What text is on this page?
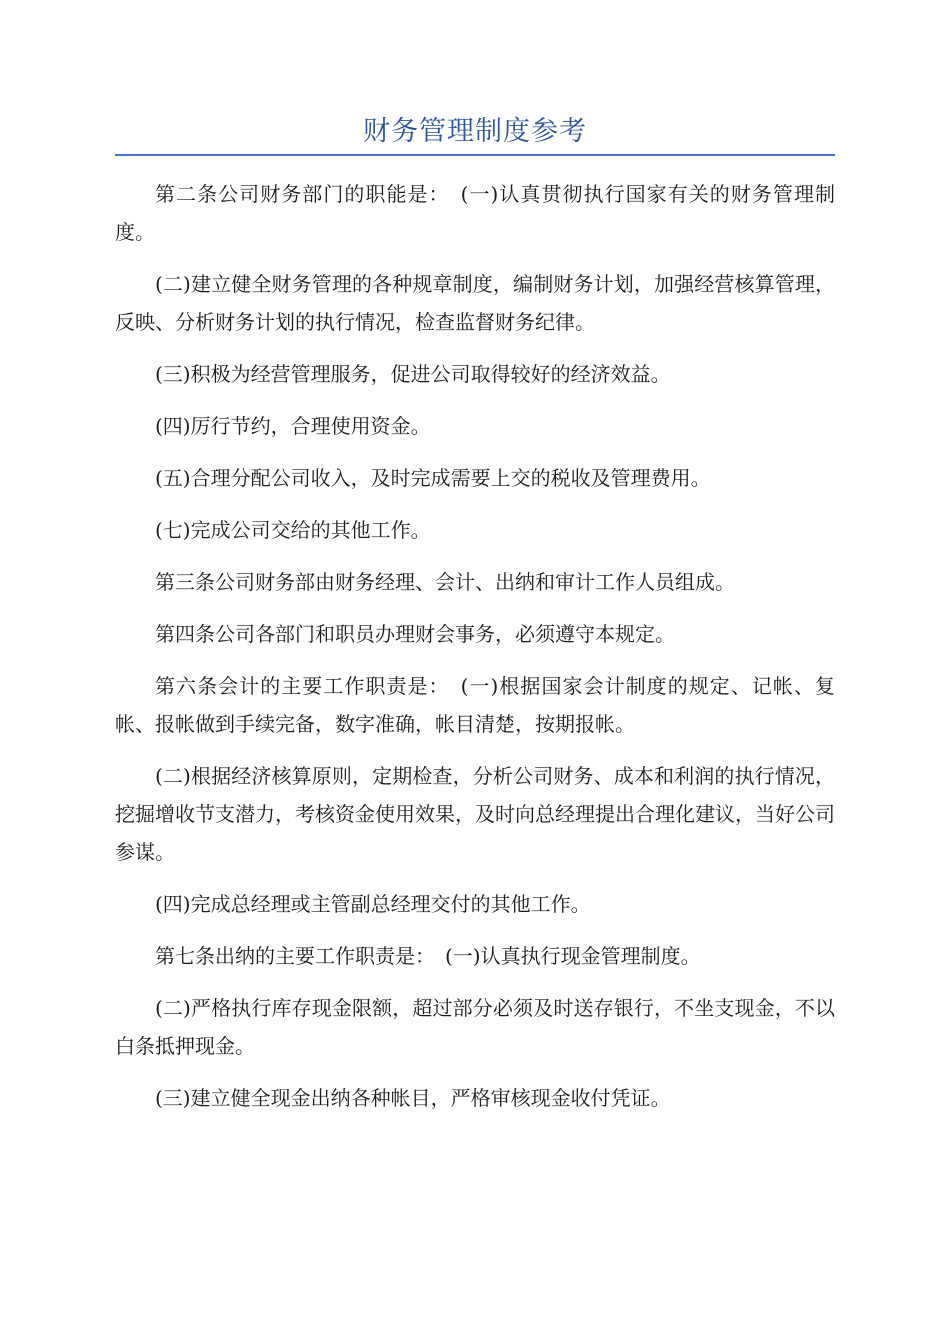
财务管理制度参考

第二条公司财务部门的职能是：　(一)认真贯彻执行国家有关的财务管理制度。

(二)建立健全财务管理的各种规章制度，编制财务计划，加强经营核算管理，反映、分析财务计划的执行情况，检查监督财务纪律。

(三)积极为经营管理服务，促进公司取得较好的经济效益。

(四)厉行节约，合理使用资金。

(五)合理分配公司收入，及时完成需要上交的税收及管理费用。

(七)完成公司交给的其他工作。

第三条公司财务部由财务经理、会计、出纳和审计工作人员组成。

第四条公司各部门和职员办理财会事务，必须遵守本规定。

第六条会计的主要工作职责是：　(一)根据国家会计制度的规定、记帐、复帐、报帐做到手续完备，数字准确，帐目清楚，按期报帐。

(二)根据经济核算原则，定期检查，分析公司财务、成本和利润的执行情况，挖掘增收节支潜力，考核资金使用效果，及时向总经理提出合理化建议，当好公司参谋。

(四)完成总经理或主管副总经理交付的其他工作。

第七条出纳的主要工作职责是：　(一)认真执行现金管理制度。

(二)严格执行库存现金限额，超过部分必须及时送存银行，不坐支现金，不以白条抵押现金。

(三)建立健全现金出纳各种帐目，严格审核现金收付凭证。
